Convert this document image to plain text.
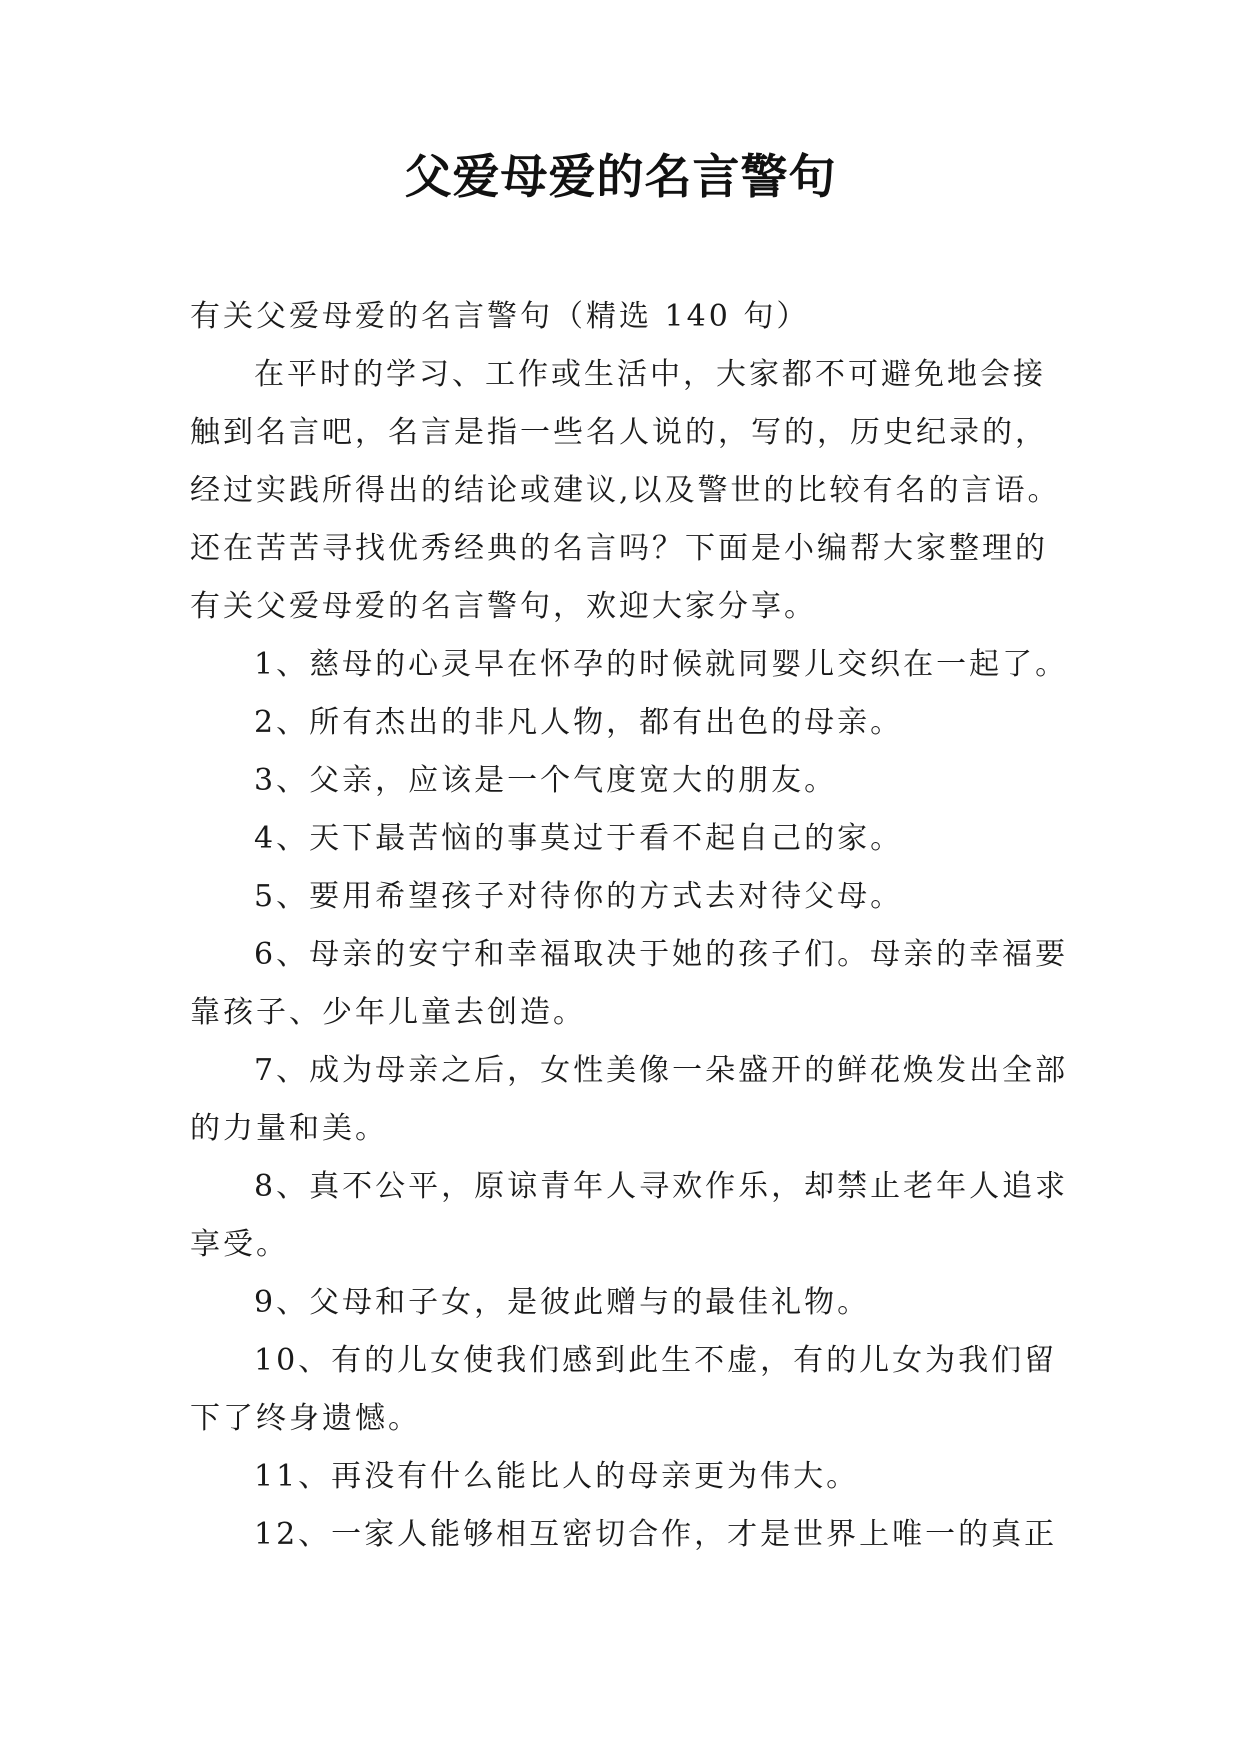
父爱母爱的名言警句

有关父爱母爱的名言警句（精选 140 句）

在平时的学习、工作或生活中，大家都不可避免地会接触到名言吧，名言是指一些名人说的，写的，历史纪录的，经过实践所得出的结论或建议,以及警世的比较有名的言语。还在苦苦寻找优秀经典的名言吗？下面是小编帮大家整理的有关父爱母爱的名言警句，欢迎大家分享。

1、慈母的心灵早在怀孕的时候就同婴儿交织在一起了。

2、所有杰出的非凡人物，都有出色的母亲。

3、父亲，应该是一个气度宽大的朋友。

4、天下最苦恼的事莫过于看不起自己的家。

5、要用希望孩子对待你的方式去对待父母。

6、母亲的安宁和幸福取决于她的孩子们。母亲的幸福要靠孩子、少年儿童去创造。

7、成为母亲之后，女性美像一朵盛开的鲜花焕发出全部的力量和美。

8、真不公平，原谅青年人寻欢作乐，却禁止老年人追求享受。

9、父母和子女，是彼此赠与的最佳礼物。

10、有的儿女使我们感到此生不虚，有的儿女为我们留下了终身遗憾。

11、再没有什么能比人的母亲更为伟大。

12、一家人能够相互密切合作，才是世界上唯一的真正
